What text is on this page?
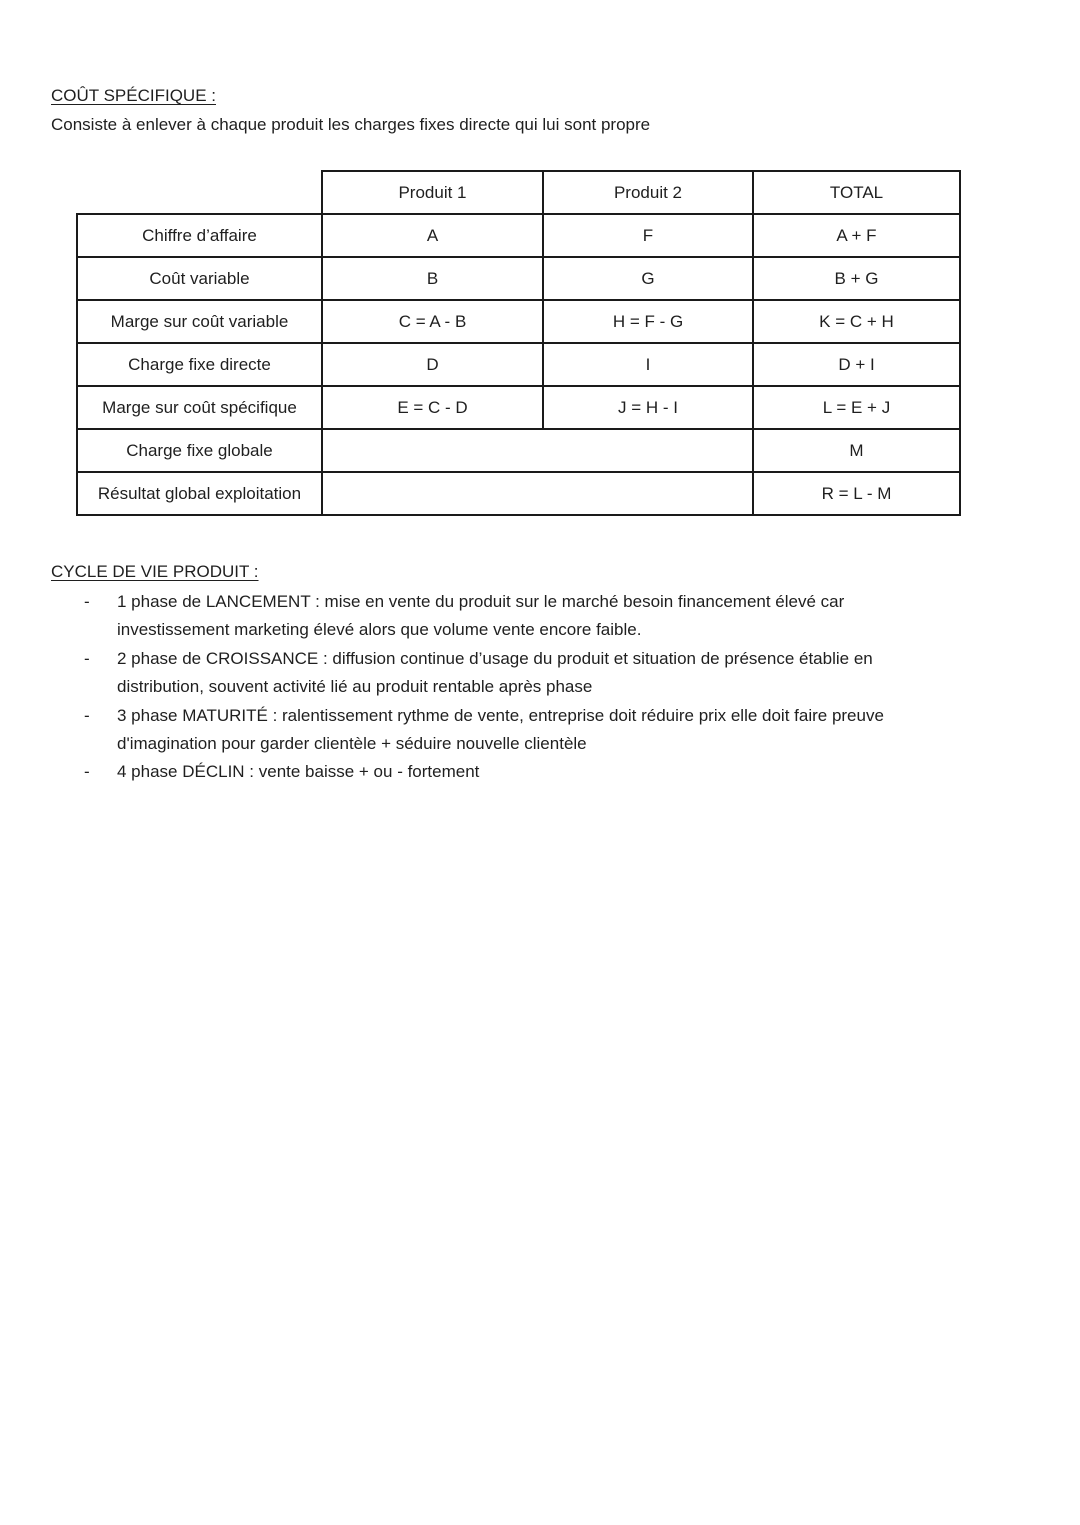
COÛT SPÉCIFIQUE :
Consiste à enlever à chaque produit les charges fixes directe qui lui sont propre
	Produit 1	Produit 2	TOTAL
Chiffre d’affaire	A	F	A + F
Coût variable	B	G	B + G
Marge sur coût variable	C = A - B	H = F - G	K = C + H
Charge fixe directe	D	I	D + I
Marge sur coût spécifique	E = C - D	J = H - I	L = E + J
Charge fixe globale			M
Résultat global exploitation			R = L - M
CYCLE DE VIE PRODUIT :
- 1 phase de LANCEMENT : mise en vente du produit sur le marché besoin financement élevé car
investissement marketing élevé alors que volume vente encore faible.
- 2 phase de CROISSANCE : diffusion continue d’usage du produit et situation de présence établie en
distribution, souvent activité lié au produit rentable après phase
- 3 phase MATURITÉ : ralentissement rythme de vente, entreprise doit réduire prix elle doit faire preuve
d'imagination pour garder clientèle + séduire nouvelle clientèle
- 4 phase DÉCLIN : vente baisse + ou - fortement
